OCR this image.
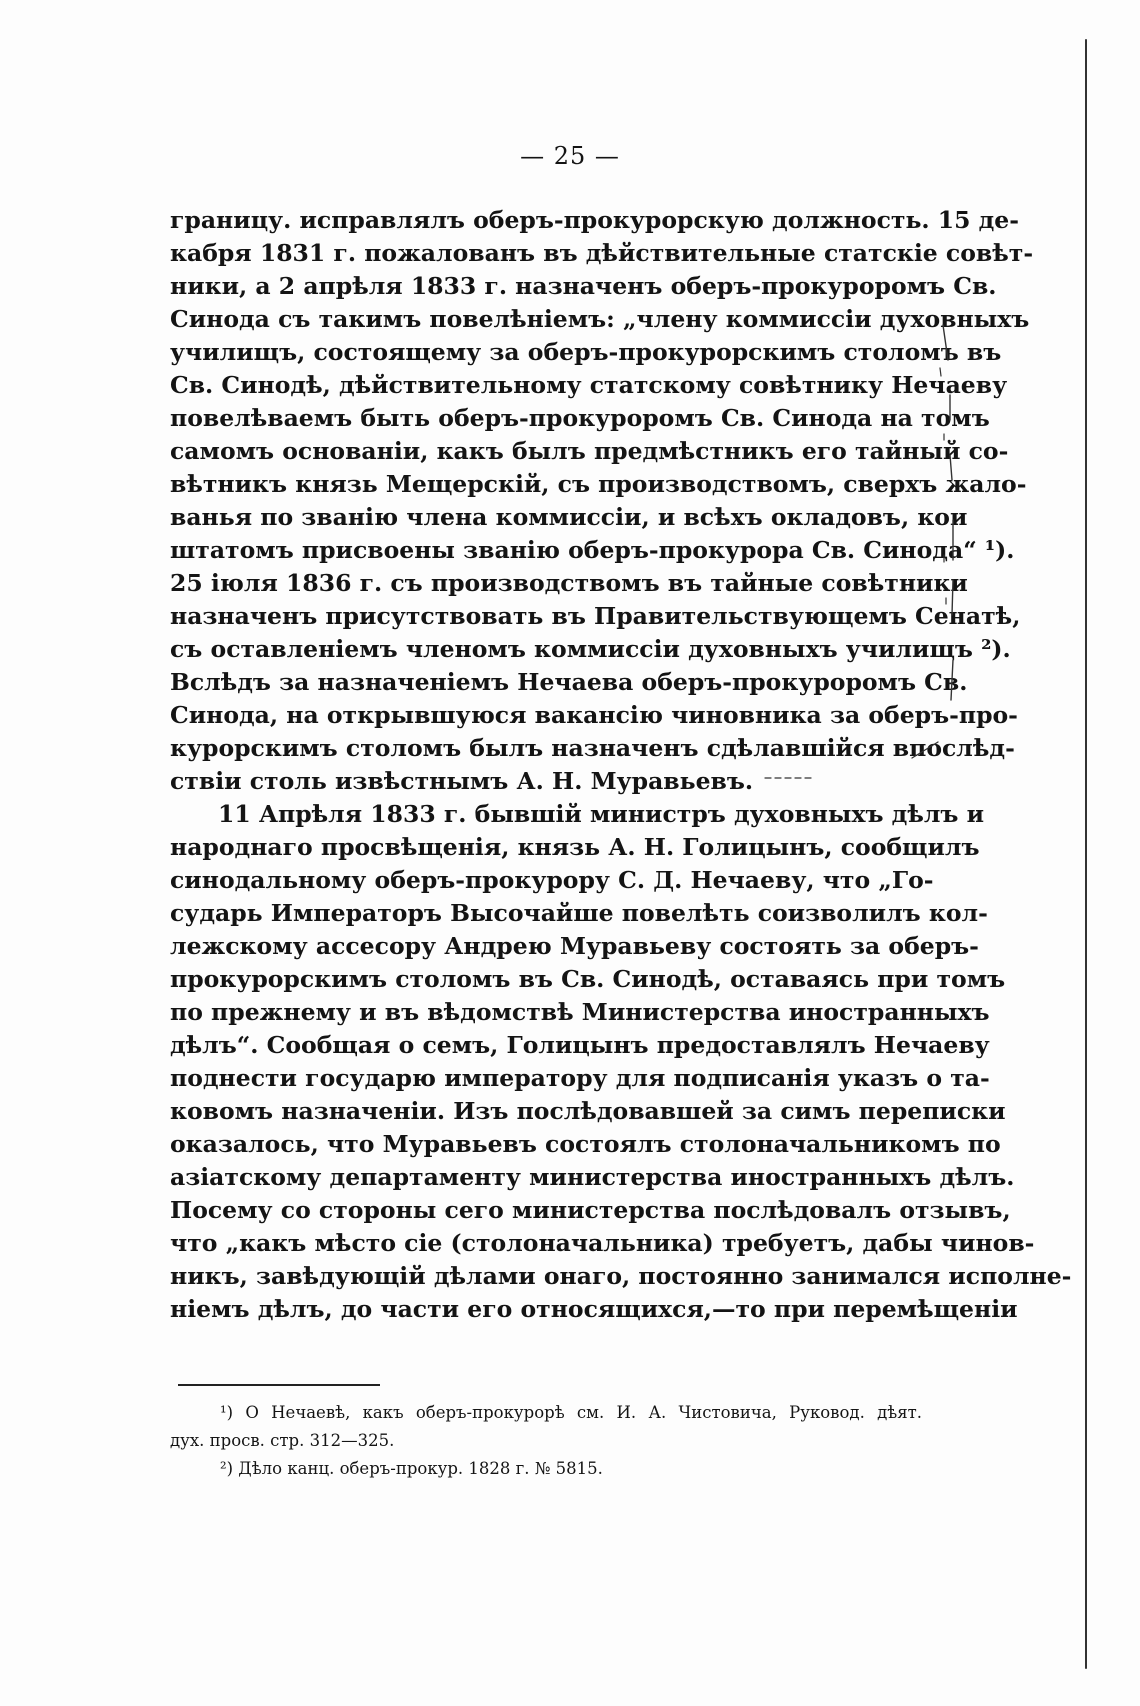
— 25 —
границу. исправлялъ оберъ-прокурорскую должность. 15 де-
кабря 1831 г. пожалованъ въ дѣйствительные статскiе совѣт-
ники, а 2 апрѣля 1833 г. назначенъ оберъ-прокуроромъ Св.
Синода съ такимъ повелѣнiемъ: „члену коммиссiи духовныхъ
училищъ, состоящему за оберъ-прокурорскимъ столомъ въ
Св. Синодѣ, дѣйствительному статскому совѣтнику Нечаеву
повелѣваемъ быть оберъ-прокуроромъ Св. Синода на томъ
самомъ основанiи, какъ былъ предмѣстникъ его тайный со-
вѣтникъ князь Мещерскiй, съ производствомъ, сверхъ жало-
ванья по званiю члена коммиссiи, и всѣхъ окладовъ, кои
штатомъ присвоены званiю оберъ-прокурора Св. Синода“ ¹).
25 iюля 1836 г. съ производствомъ въ тайные совѣтники
назначенъ присутствовать въ Правительствующемъ Сенатѣ,
съ оставленiемъ членомъ коммиссiи духовныхъ училищъ ²).
Вслѣдъ за назначенiемъ Нечаева оберъ-прокуроромъ Св.
Синода, на открывшуюся вакансiю чиновника за оберъ-про-
курорскимъ столомъ былъ назначенъ сдѣлавшiйся впослѣд-
ствiи столь извѣстнымъ А. Н. Муравьевъ.
11 Апрѣля 1833 г. бывшiй министръ духовныхъ дѣлъ и
народнаго просвѣщенiя, князь А. Н. Голицынъ, сообщилъ
синодальному оберъ-прокурору С. Д. Нечаеву, что „Го-
сударь Императоръ Высочайше повелѣть соизволилъ кол-
лежскому ассесору Андрею Муравьеву состоять за оберъ-
прокурорскимъ столомъ въ Св. Синодѣ, оставаясь при томъ
по прежнему и въ вѣдомствѣ Министерства иностранныхъ
дѣлъ“. Сообщая о семъ, Голицынъ предоставлялъ Нечаеву
поднести государю императору для подписанiя указъ о та-
ковомъ назначенiи. Изъ послѣдовавшей за симъ переписки
оказалось, что Муравьевъ состоялъ столоначальникомъ по
азiатскому департаменту министерства иностранныхъ дѣлъ.
Посему со стороны сего министерства послѣдовалъ отзывъ,
что „какъ мѣсто сiе (столоначальника) требуетъ, дабы чинов-
никъ, завѣдующiй дѣлами онаго, постоянно занимался исполне-
нiемъ дѣлъ, до части его относящихся,—то при перемѣщенiи
¹) О Нечаевѣ, какъ оберъ-прокурорѣ см. И. А. Чистовича, Руковод. дѣят.
дух. просв. стр. 312—325.
²) Дѣло канц. оберъ-прокур. 1828 г. № 5815.
